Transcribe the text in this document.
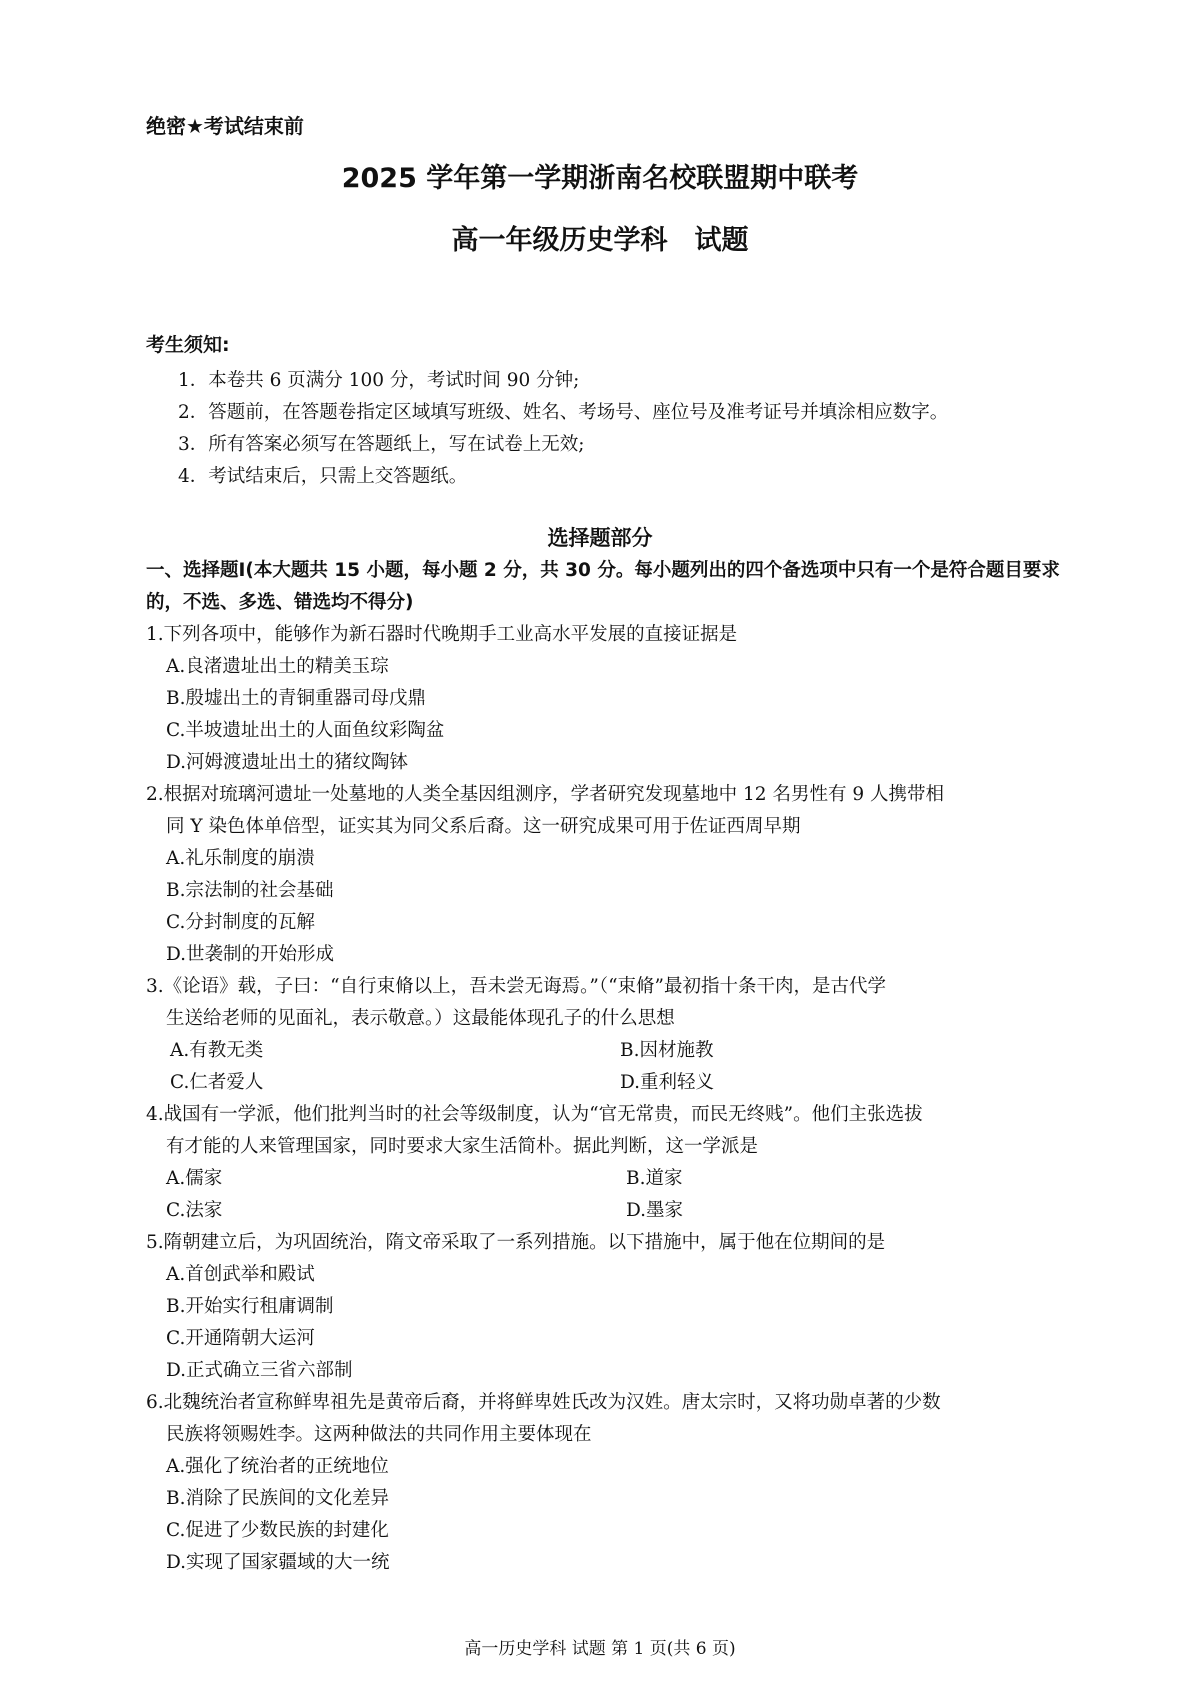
绝密★考试结束前
2025 学年第一学期浙南名校联盟期中联考
高一年级历史学科　试题
考生须知:
1．本卷共 6 页满分 100 分，考试时间 90 分钟;
2．答题前，在答题卷指定区域填写班级、姓名、考场号、座位号及准考证号并填涂相应数字。
3．所有答案必须写在答题纸上，写在试卷上无效;
4．考试结束后，只需上交答题纸。
选择题部分
一、选择题Ⅰ(本大题共 15 小题，每小题 2 分，共 30 分。每小题列出的四个备选项中只有一个是符合题目要求的，不选、多选、错选均不得分)
1.下列各项中，能够作为新石器时代晚期手工业高水平发展的直接证据是
A.良渚遗址出土的精美玉琮
B.殷墟出土的青铜重器司母戊鼎
C.半坡遗址出土的人面鱼纹彩陶盆
D.河姆渡遗址出土的猪纹陶钵
2.根据对琉璃河遗址一处墓地的人类全基因组测序，学者研究发现墓地中 12 名男性有 9 人携带相
同 Y 染色体单倍型，证实其为同父系后裔。这一研究成果可用于佐证西周早期
A.礼乐制度的崩溃
B.宗法制的社会基础
C.分封制度的瓦解
D.世袭制的开始形成
3.《论语》载，子曰：“自行束脩以上，吾未尝无诲焉。”（“束脩”最初指十条干肉，是古代学
生送给老师的见面礼，表示敬意。）这最能体现孔子的什么思想
A.有教无类	B.因材施教
C.仁者爱人	D.重利轻义
4.战国有一学派，他们批判当时的社会等级制度，认为“官无常贵，而民无终贱”。他们主张选拔
有才能的人来管理国家，同时要求大家生活简朴。据此判断，这一学派是
A.儒家	B.道家
C.法家	D.墨家
5.隋朝建立后，为巩固统治，隋文帝采取了一系列措施。以下措施中，属于他在位期间的是
A.首创武举和殿试
B.开始实行租庸调制
C.开通隋朝大运河
D.正式确立三省六部制
6.北魏统治者宣称鲜卑祖先是黄帝后裔，并将鲜卑姓氏改为汉姓。唐太宗时，又将功勋卓著的少数
民族将领赐姓李。这两种做法的共同作用主要体现在
A.强化了统治者的正统地位
B.消除了民族间的文化差异
C.促进了少数民族的封建化
D.实现了国家疆域的大一统
高一历史学科 试题 第 1 页(共 6 页)
